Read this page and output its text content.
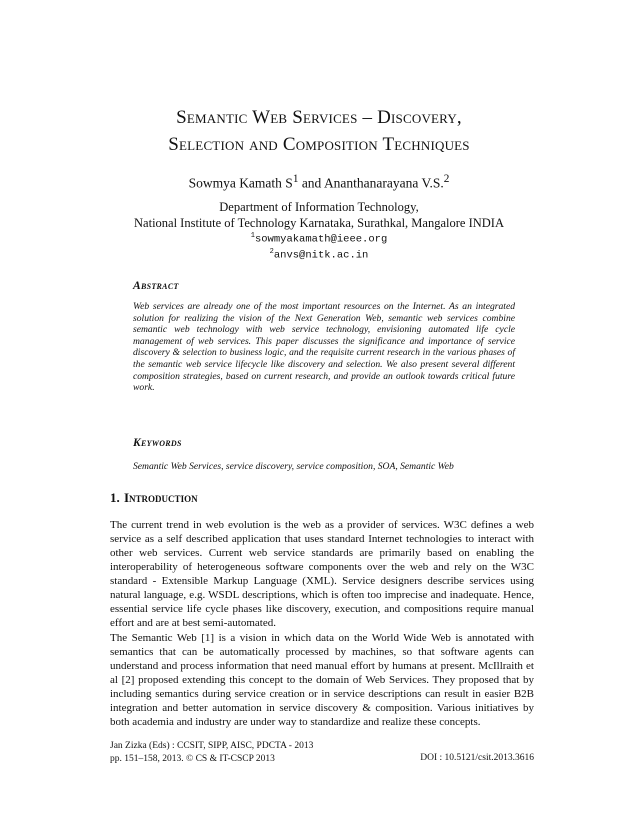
Semantic Web Services – Discovery,
Selection and Composition Techniques
Sowmya Kamath $S^1$ and Ananthanarayana V.S.$^2$
Department of Information Technology,
National Institute of Technology Karnataka, Surathkal, Mangalore INDIA
$^1$sowmyakamath@ieee.org
$^2$anvs@nitk.ac.in
Abstract
Web services are already one of the most important resources on the Internet. As an integrated solution for realizing the vision of the Next Generation Web, semantic web services combine semantic web technology with web service technology, envisioning automated life cycle management of web services. This paper discusses the significance and importance of service discovery & selection to business logic, and the requisite current research in the various phases of the semantic web service lifecycle like discovery and selection. We also present several different composition strategies, based on current research, and provide an outlook towards critical future work.
Keywords
Semantic Web Services, service discovery, service composition, SOA, Semantic Web
1. Introduction
The current trend in web evolution is the web as a provider of services. W3C defines a web service as a self described application that uses standard Internet technologies to interact with other web services. Current web service standards are primarily based on enabling the interoperability of heterogeneous software components over the web and rely on the W3C standard - Extensible Markup Language (XML). Service designers describe services using natural language, e.g. WSDL descriptions, which is often too imprecise and inadequate. Hence, essential service life cycle phases like discovery, execution, and compositions require manual effort and are at best semi-automated.
The Semantic Web [1] is a vision in which data on the World Wide Web is annotated with semantics that can be automatically processed by machines, so that software agents can understand and process information that need manual effort by humans at present. McIllraith et al [2] proposed extending this concept to the domain of Web Services. They proposed that by including semantics during service creation or in service descriptions can result in easier B2B integration and better automation in service discovery & composition. Various initiatives by both academia and industry are under way to standardize and realize these concepts.
Jan Zizka (Eds) : CCSIT, SIPP, AISC, PDCTA - 2013
pp. 151–158, 2013. © CS & IT-CSCP 2013	DOI : 10.5121/csit.2013.3616
